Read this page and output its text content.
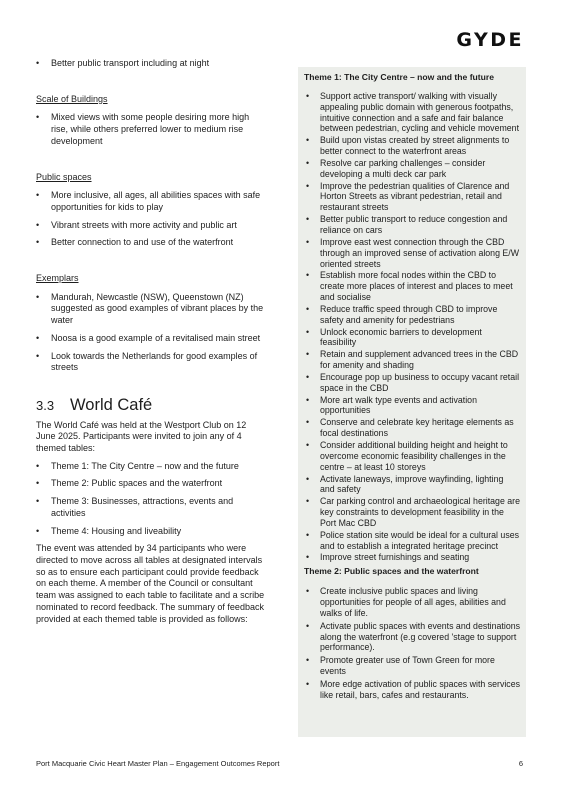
GYDE
• Better public transport including at night
Scale of Buildings
• Mixed views with some people desiring more high rise, while others preferred lower to medium rise development
Public spaces
• More inclusive, all ages, all abilities spaces with safe opportunities for kids to play
• Vibrant streets with more activity and public art
• Better connection to and use of the waterfront
Exemplars
• Mandurah, Newcastle (NSW), Queenstown (NZ) suggested as good examples of vibrant places by the water
• Noosa is a good example of a revitalised main street
• Look towards the Netherlands for good examples of streets
3.3 World Café

The World Café was held at the Westport Club on 12 June 2025. Participants were invited to join any of 4 themed tables:

• Theme 1: The City Centre – now and the future
• Theme 2: Public spaces and the waterfront
• Theme 3: Businesses, attractions, events and activities
• Theme 4: Housing and liveability

The event was attended by 34 participants who were directed to move across all tables at designated intervals so as to ensure each participant could provide feedback on each theme. A member of the Council or consultant team was assigned to each table to facilitate and a scribe nominated to record feedback. The summary of feedback provided at each themed table is provided as follows:

Theme 1: The City Centre – now and the future
• Support active transport/ walking with visually appealing public domain with generous footpaths, intuitive connection and a safe and fair balance between pedestrian, cycling and vehicle movement
• Build upon vistas created by street alignments to better connect to the waterfront areas
• Resolve car parking challenges – consider developing a multi deck car park
• Improve the pedestrian qualities of Clarence and Horton Streets as vibrant pedestrian, retail and restaurant streets
• Better public transport to reduce congestion and reliance on cars
• Improve east west connection through the CBD through an improved sense of activation along E/W oriented streets
• Establish more focal nodes within the CBD to create more places of interest and places to meet and socialise
• Reduce traffic speed through CBD to improve safety and amenity for pedestrians
• Unlock economic barriers to development feasibility
• Retain and supplement advanced trees in the CBD for amenity and shading
• Encourage pop up business to occupy vacant retail space in the CBD
• More art walk type events and activation opportunities
• Conserve and celebrate key heritage elements as focal destinations
• Consider additional building height and height to overcome economic feasibility challenges in the centre – at least 10 storeys
• Activate laneways, improve wayfinding, lighting and safety
• Car parking control and archaeological heritage are key constraints to development feasibility in the Port Mac CBD
• Police station site would be ideal for a cultural uses and to establish a integrated heritage precinct
• Improve street furnishings and seating
Theme 2: Public spaces and the waterfront
• Create inclusive public spaces and living opportunities for people of all ages, abilities and walks of life.
• Activate public spaces with events and destinations along the waterfront (e.g covered 'stage to support performance).
• Promote greater use of Town Green for more events
• More edge activation of public spaces with services like retail, bars, cafes and restaurants.
Port Macquarie Civic Heart Master Plan – Engagement Outcomes Report	6
